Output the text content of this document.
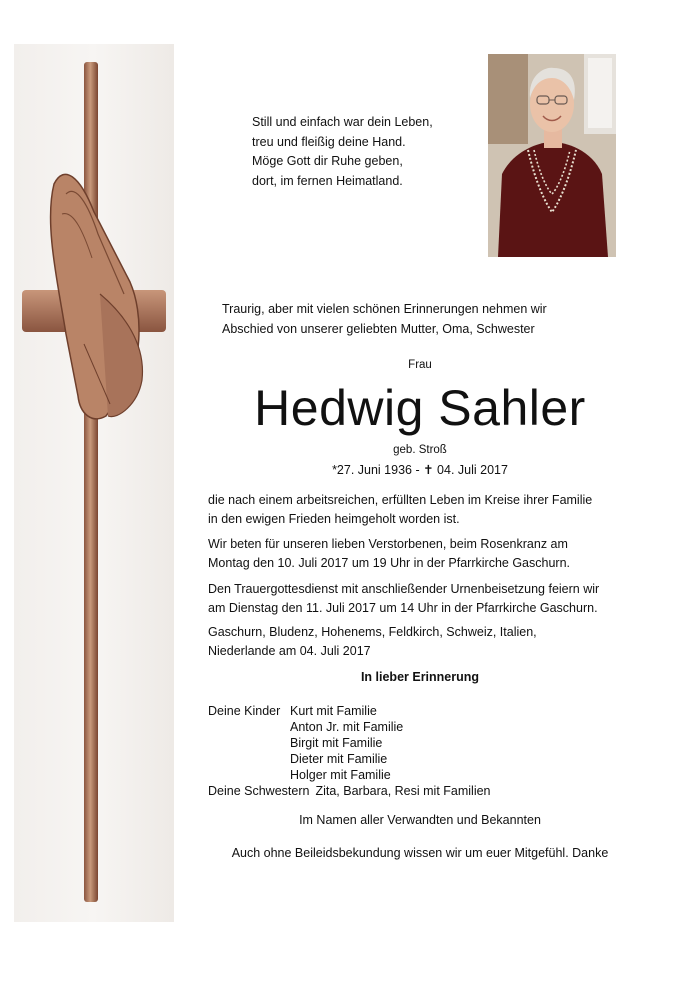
Still und einfach war dein Leben,
treu und fleißig deine Hand.
Möge Gott dir Ruhe geben,
dort, im fernen Heimatland.
Traurig, aber mit vielen schönen Erinnerungen nehmen wir
Abschied von unserer geliebten Mutter, Oma, Schwester
Frau
Hedwig Sahler
geb. Stroß
*27. Juni 1936 - ✝ 04. Juli 2017
die nach einem arbeitsreichen, erfüllten Leben im Kreise ihrer Familie in den ewigen Frieden heimgeholt worden ist.
Wir beten für unseren lieben Verstorbenen, beim Rosenkranz am Montag den 10. Juli 2017 um 19 Uhr in der Pfarrkirche Gaschurn.
Den Trauergottesdienst mit anschließender Urnenbeisetzung feiern wir am Dienstag den 11. Juli 2017 um 14 Uhr in der Pfarrkirche Gaschurn.
Gaschurn, Bludenz, Hohenems, Feldkirch, Schweiz, Italien, Niederlande am 04. Juli 2017
In lieber Erinnerung
Deine Kinder Kurt mit Familie
Anton Jr. mit Familie
Birgit mit Familie
Dieter mit Familie
Holger mit Familie
Deine Schwestern Zita, Barbara, Resi mit Familien
Im Namen aller Verwandten und Bekannten
Auch ohne Beileidsbekundung wissen wir um euer Mitgefühl. Danke
